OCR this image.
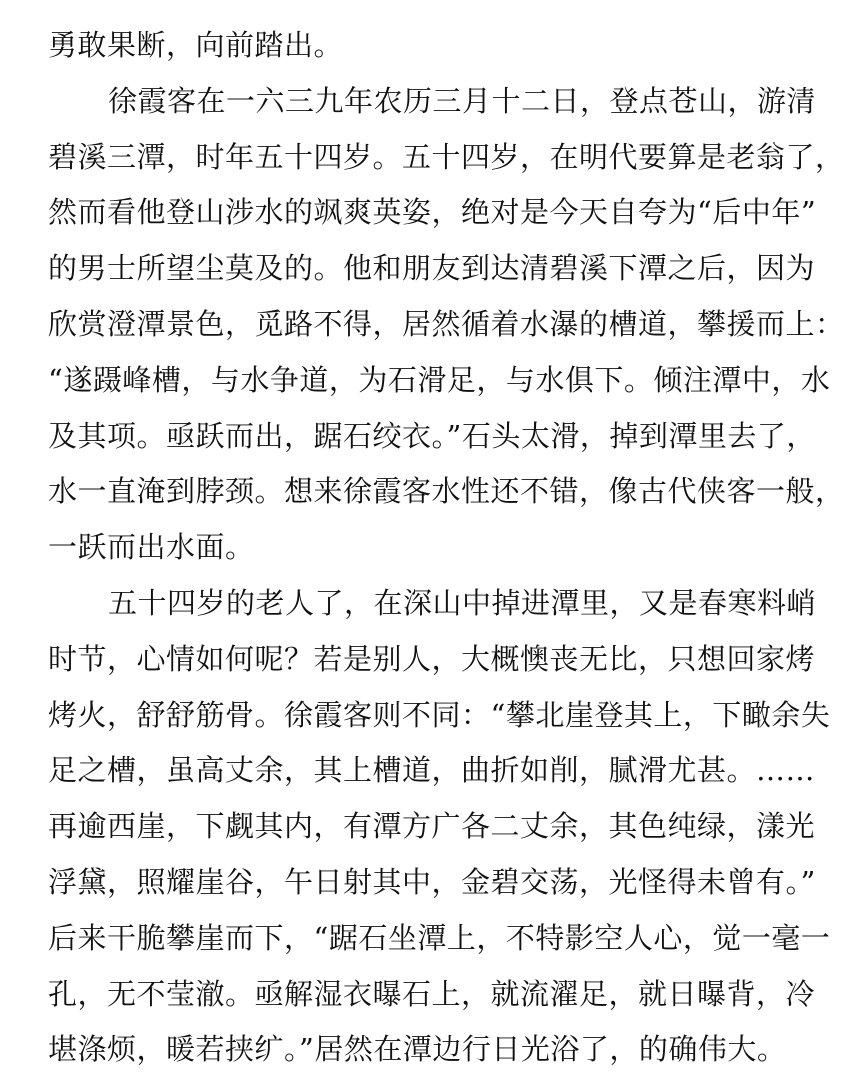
勇敢果断，向前踏出。
徐霞客在一六三九年农历三月十二日，登点苍山，游清
碧溪三潭，时年五十四岁。五十四岁，在明代要算是老翁了，
然而看他登山涉水的飒爽英姿，绝对是今天自夸为“后中年”
的男士所望尘莫及的。他和朋友到达清碧溪下潭之后，因为
欣赏澄潭景色，觅路不得，居然循着水瀑的槽道，攀援而上：
“遂蹑峰槽，与水争道，为石滑足，与水俱下。倾注潭中，水
及其项。亟跃而出，踞石绞衣。”石头太滑，掉到潭里去了，
水一直淹到脖颈。想来徐霞客水性还不错，像古代侠客一般，
一跃而出水面。
五十四岁的老人了，在深山中掉进潭里，又是春寒料峭
时节，心情如何呢？若是别人，大概懊丧无比，只想回家烤
烤火，舒舒筋骨。徐霞客则不同：“攀北崖登其上，下瞰余失
足之槽，虽高丈余，其上槽道，曲折如削，腻滑尤甚。……
再逾西崖，下觑其内，有潭方广各二丈余，其色纯绿，漾光
浮黛，照耀崖谷，午日射其中，金碧交荡，光怪得未曾有。”
后来干脆攀崖而下，“踞石坐潭上，不特影空人心，觉一毫一
孔，无不莹澈。亟解湿衣曝石上，就流濯足，就日曝背，冷
堪涤烦，暖若挟纩。”居然在潭边行日光浴了，的确伟大。
